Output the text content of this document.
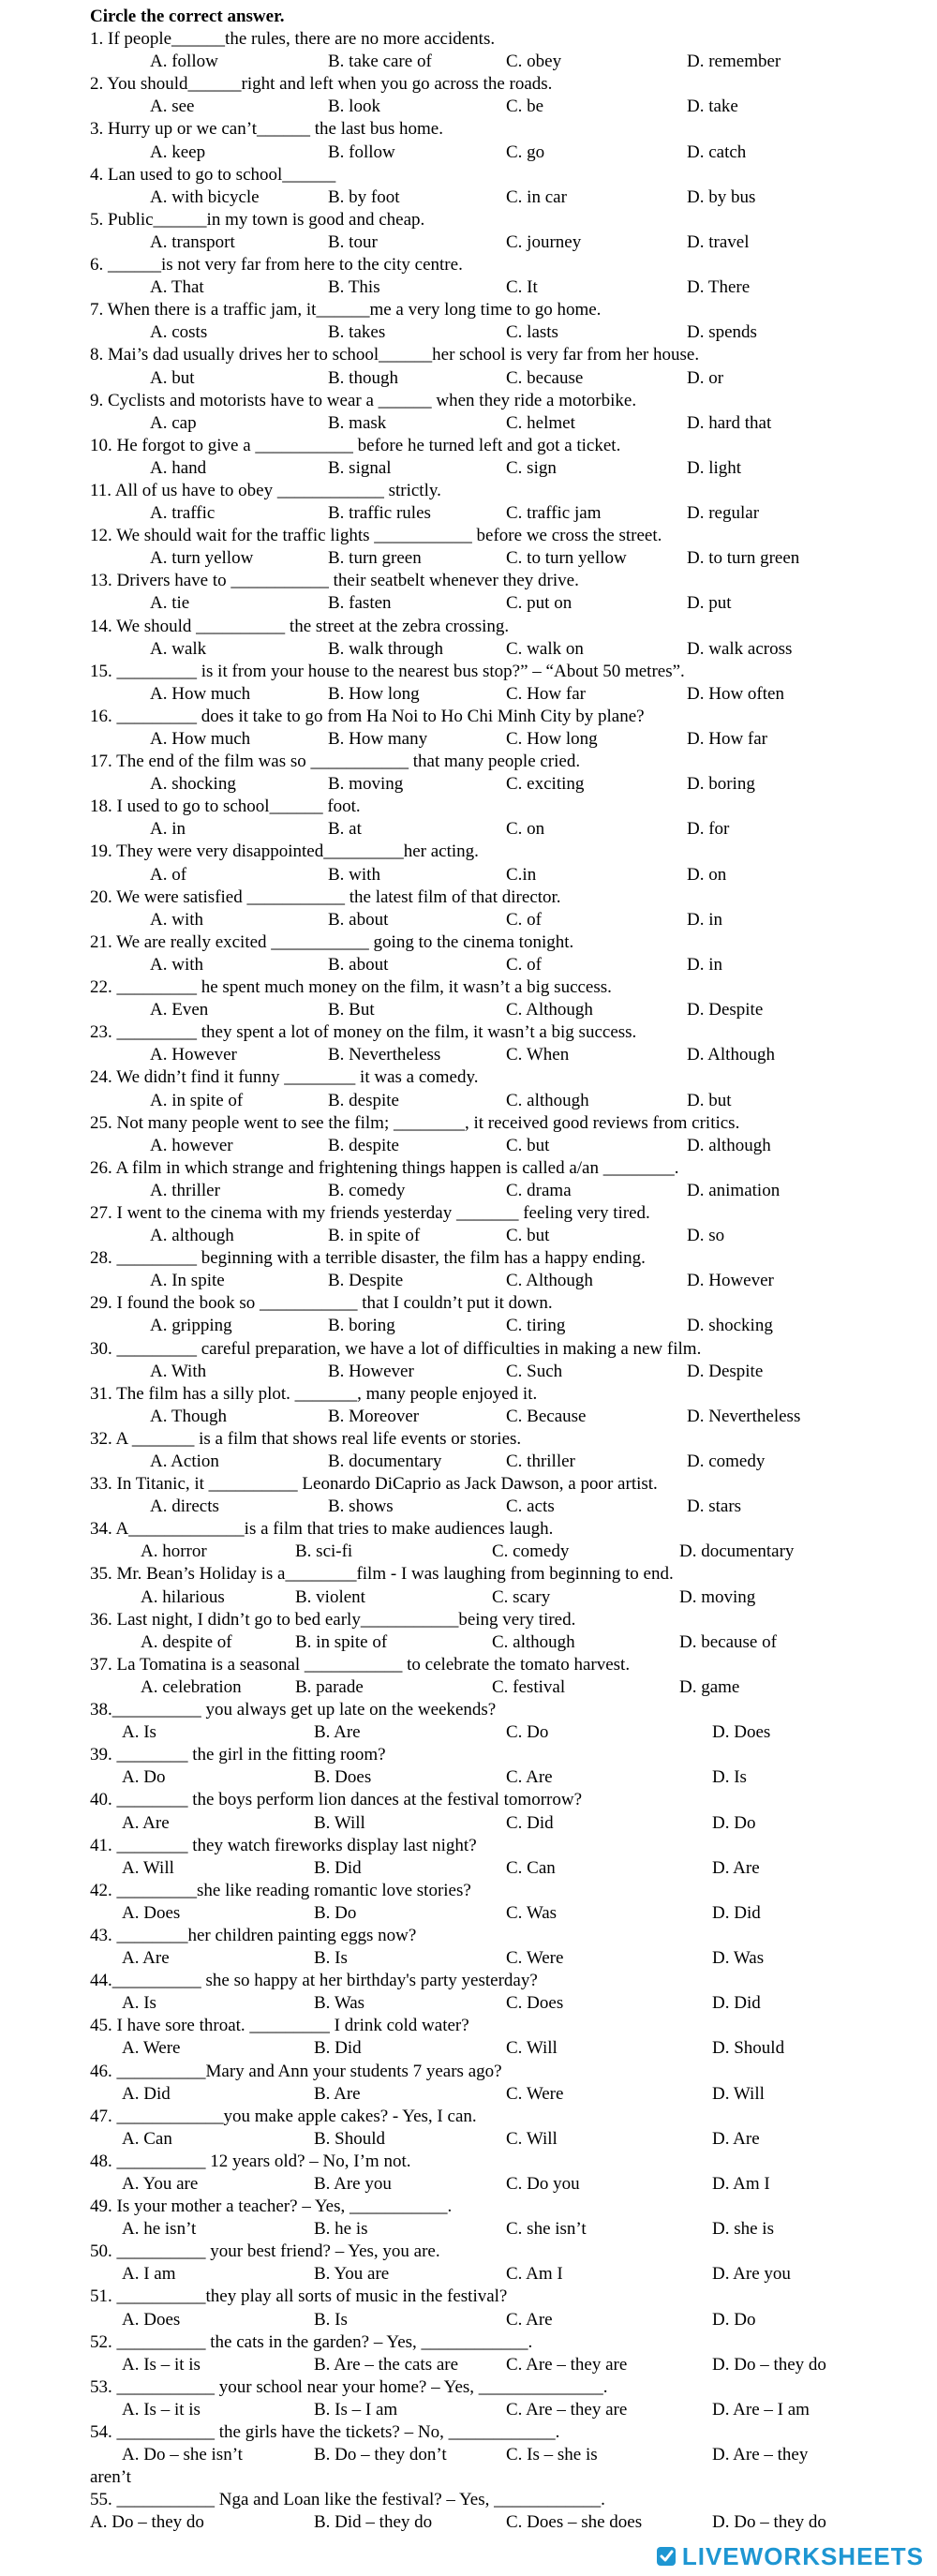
Circle the correct answer.
1. If people______the rules, there are no more accidents.
A. follow	B. take care of	C. obey	D. remember
2. You should______right and left when you go across the roads.
A. see	B. look	C. be	D. take
3. Hurry up or we can’t______ the last bus home.
A. keep	B. follow	C. go	D. catch
4. Lan used to go to school______
A. with bicycle	B. by foot	C. in car	D. by bus
5. Public______in my town is good and cheap.
A. transport	B. tour	C. journey	D. travel
6. ______is not very far from here to the city centre.
A. That	B. This	C. It	D. There
7. When there is a traffic jam, it______me a very long time to go home.
A. costs	B. takes	C. lasts	D. spends
8. Mai’s dad usually drives her to school______her school is very far from her house.
A. but	B. though	C. because	D. or
9. Cyclists and motorists have to wear a ______ when they ride a motorbike.
A. cap	B. mask	C. helmet	D. hard that
10. He forgot to give a ___________ before he turned left and got a ticket.
A. hand	B. signal	C. sign	D. light
11. All of us have to obey ____________ strictly.
A. traffic	B. traffic rules	C. traffic jam	D. regular
12. We should wait for the traffic lights ___________ before we cross the street.
A. turn yellow	B. turn green	C. to turn yellow	D. to turn green
13. Drivers have to ___________ their seatbelt whenever they drive.
A. tie	B. fasten	C. put on	D. put
14. We should __________ the street at the zebra crossing.
A. walk	B. walk through	C. walk on	D. walk across
15. _________ is it from your house to the nearest bus stop?” – “About 50 metres”.
A. How much	B. How long	C. How far	D. How often
16. _________ does it take to go from Ha Noi to Ho Chi Minh City by plane?
A. How much	B. How many	C. How long	D. How far
17. The end of the film was so ___________ that many people cried.
A. shocking	B. moving	C. exciting	D. boring
18. I used to go to school______ foot.
A. in	B. at	C. on	D. for
19. They were very disappointed_________her acting.
A. of	B. with	C.in	D. on
20. We were satisfied ___________ the latest film of that director.
A. with	B. about	C. of	D. in
21. We are really excited ___________ going to the cinema tonight.
A. with	B. about	C. of	D. in
22. _________ he spent much money on the film, it wasn’t a big success.
A. Even	B. But	C. Although	D. Despite
23. _________ they spent a lot of money on the film, it wasn’t a big success.
A. However	B. Nevertheless	C. When	D. Although
24. We didn’t find it funny ________ it was a comedy.
A. in spite of	B. despite	C. although	D. but
25. Not many people went to see the film; ________, it received good reviews from critics.
A. however	B. despite	C. but	D. although
26. A film in which strange and frightening things happen is called a/an ________.
A. thriller	B. comedy	C. drama	D. animation
27. I went to the cinema with my friends yesterday _______ feeling very tired.
A. although	B. in spite of	C. but	D. so
28. _________ beginning with a terrible disaster, the film has a happy ending.
A. In spite	B. Despite	C. Although	D. However
29. I found the book so ___________ that I couldn’t put it down.
A. gripping	B. boring	C. tiring	D. shocking
30. _________ careful preparation, we have a lot of difficulties in making a new film.
A. With	B. However	C. Such	D. Despite
31. The film has a silly plot. _______, many people enjoyed it.
A. Though	B. Moreover	C. Because	D. Nevertheless
32. A _______ is a film that shows real life events or stories.
A. Action	B. documentary	C. thriller	D. comedy
33. In Titanic, it __________ Leonardo DiCaprio as Jack Dawson, a poor artist.
A. directs	B. shows	C. acts	D. stars
34. A_____________is a film that tries to make audiences laugh.
A. horror	B. sci-fi	C. comedy	D. documentary
35. Mr. Bean’s Holiday is a________film - I was laughing from beginning to end.
A. hilarious	B. violent	C. scary	D. moving
36. Last night, I didn’t go to bed early___________being very tired.
A. despite of	B. in spite of	C. although	D. because of
37. La Tomatina is a seasonal ___________ to celebrate the tomato harvest.
A. celebration	B. parade	C. festival	D. game
38.__________ you always get up late on the weekends?
A. Is	B. Are	C. Do	D. Does
39. ________ the girl in the fitting room?
A. Do	B. Does	C. Are	D. Is
40. ________ the boys perform lion dances at the festival tomorrow?
A. Are	B. Will	C. Did	D. Do
41. ________ they watch fireworks display last night?
A. Will	B. Did	C. Can	D. Are
42. _________she like reading romantic love stories?
A. Does	B. Do	C. Was	D. Did
43. ________her children painting eggs now?
A. Are	B. Is	C. Were	D. Was
44.__________ she so happy at her birthday's party yesterday?
A. Is	B. Was	C. Does	D. Did
45. I have sore throat. _________ I drink cold water?
A. Were	B. Did	C. Will	D. Should
46. __________Mary and Ann your students 7 years ago?
A. Did	B. Are	C. Were	D. Will
47. ____________you make apple cakes? - Yes, I can.
A. Can	B. Should	C. Will	D. Are
48. __________ 12 years old? – No, I’m not.
A. You are	B. Are you	C. Do you	D. Am I
49. Is your mother a teacher? – Yes, ___________.
A. he isn’t	B. he is	C. she isn’t	D. she is
50. __________ your best friend? – Yes, you are.
A. I am	B. You are	C. Am I	D. Are you
51. __________they play all sorts of music in the festival?
A. Does	B. Is	C. Are	D. Do
52. __________ the cats in the garden? – Yes, ____________.
A. Is – it is	B. Are – the cats are	C. Are – they are	D. Do – they do
53. ___________ your school near your home? – Yes, ______________.
A. Is – it is	B. Is – I am	C. Are – they are	D. Are – I am
54. ___________ the girls have the tickets? – No, ____________.
A. Do – she isn’t	B. Do – they don’t	C. Is – she is	D. Are – they
aren’t
55. ___________ Nga and Loan like the festival? – Yes, ____________.
A. Do – they do	B. Did – they do	C. Does – she does	D. Do – they do
LIVEWORKSHEETS
